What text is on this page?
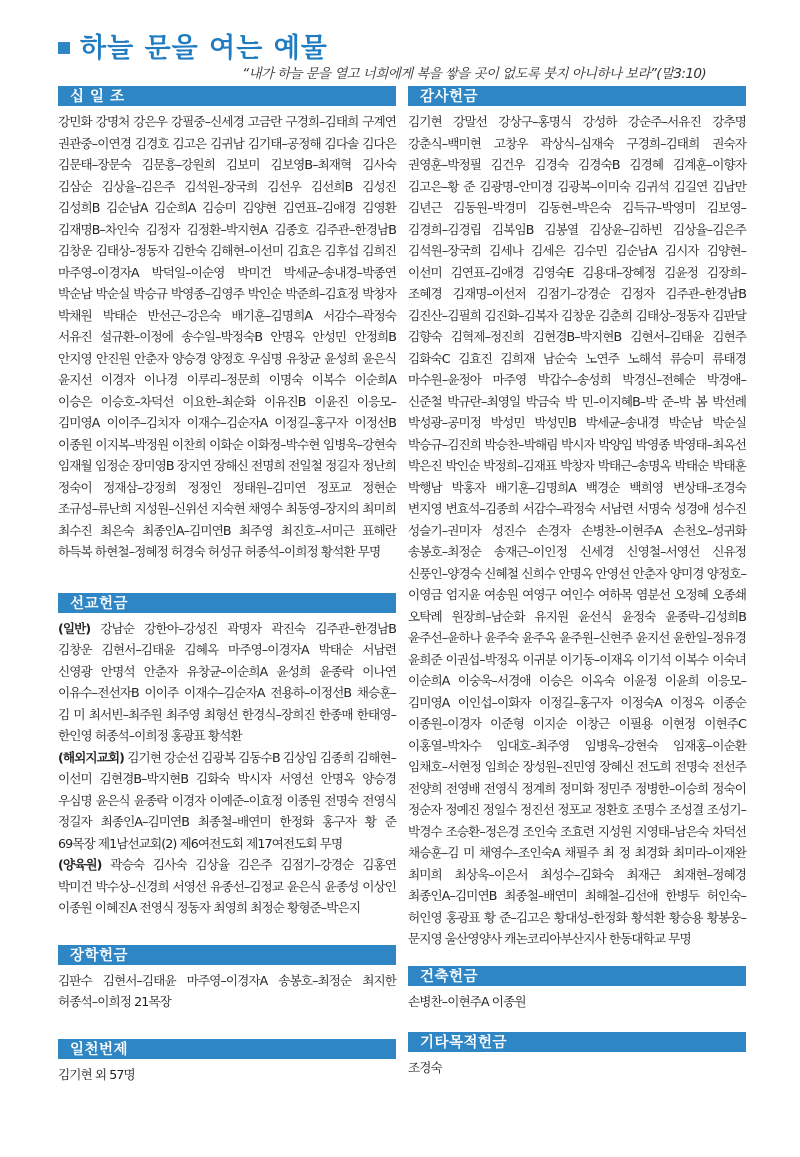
하늘 문을 여는 예물
“내가 하늘 문을 열고 너희에게 복을 쌓을 곳이 없도록 붓지 아니하나 보라”(말3:10)
십 일 조
강민화 강명처 강은우 강필중–신세경 고금란 구경희–김태희 구계연 권관중–이연경 김경호 김고은 김귀남 김기태–공정해 김다솔 김다은 김문태–장문숙 김문흥–강원희 김보미 김보영B–최재혁 김사숙 김삼순 김상율–김은주 김석원–장국희 김선우 김선희B 김성진 김성희B 김순남A 김순희A 김승미 김양현 김연표–김애경 김영환 김재명B–차인숙 김정자 김정환–박지현A 김종호 김주관–한경남B 김창운 김태상–정동자 김한숙 김해현–이선미 김효은 김후섭 김희진 마주영–이경자A 박덕일–이순영 박미건 박세균–송내경–박종연 박순남 박순실 박승규 박영종–김영주 박인순 박준희–김효정 박창자 박채원 박태순 반선근–강은숙 배기훈–김명희A 서감수–곽정숙 서유진 설규환–이정에 송수일–박정숙B 안명옥 안성민 안정희B 안지영 안진원 안춘자 양승경 양정호 우심명 유창균 윤성희 윤은식 윤지선 이경자 이나경 이루리–정문희 이명숙 이복수 이순희A 이승은 이승호–차덕선 이요한–최순화 이유진B 이윤진 이응모–김미영A 이이주–김치자 이재수–김순자A 이정길–홍구자 이정선B 이종원 이지복–박정원 이찬희 이화순 이화정–박수현 임병욱–강현숙 임재월 임정순 장미영B 장지연 장해신 전명희 전일철 정길자 정난희 정숙이 정재삼–강정희 정정인 정태원–김미연 정포교 정현순 조규성–류난희 지성원–신위선 지숙현 채영수 최동영–장지의 최미희 최수진 최은숙 최종인A–김미연B 최주영 최진호–서미근 표해란 하득복 하현철–정혜정 허경숙 허성규 허종석–이희정 황석환 무명
선교헌금

(일반) 강남순 강한아–강성진 곽명자 곽진숙 김주관–한경남B 김창운 김현서–김태윤 김혜옥 마주영–이경자A 박태순 서남련 신영광 안명석 안춘자 유창균–이순희A 윤성희 윤종락 이나연 이유수–전선자B 이이주 이재수–김순자A 전용하–이정선B 채승훈–김 미 최서빈–최주원 최주영 최형선 한경식–장희진 한종매 한태영–한인영 허종석–이희정 홍광표 황석환

(해외지교회) 김기현 강순선 김광복 김동수B 김상임 김종희 김해현–이선미 김현경B–박지현B 김화숙 박시자 서영선 안명옥 양승경 우심명 윤은식 윤종락 이경자 이예준–이효정 이종원 전명숙 전영식 정길자 최종인A–김미연B 최종철–배연미 한정화 홍구자 황 준 69목장 제1남선교회(2) 제6여전도회 제17여전도회 무명

(양육원) 곽승숙 김사숙 김상율 김은주 김점기–강경순 김홍연 박미건 박수상–신경희 서영선 유종선–김정교 윤은식 윤종성 이상인 이종원 이혜진A 전영식 정동자 최영희 최정순 황형준–박은지

장학헌금
김판수 김현서–김태윤 마주영–이경자A 송봉호–최정순 최지한 허종석–이희정 21목장
일천번제
김기현 외 57명
감사헌금
김기현 강말선 강상구–홍명식 강성하 강순주–서유진 강추명 강춘식–백미현 고창우 곽상식–심재숙 구경희–김태희 권숙자 권영훈–박정필 김건우 김경숙 김경숙B 김경혜 김계훈–이향자 김고은–황 준 김광명–안미경 김광복–이미숙 김귀석 김길연 김남만 김년근 김동원–박경미 김동현–박은숙 김득규–박영미 김보영–김경희–김경립 김복임B 김봉열 김상윤–김하빈 김상율–김은주 김석원–장국희 김세나 김세은 김수민 김순남A 김시자 김양현–이선미 김연표–김애경 김영숙E 김용대–장혜정 김윤정 김장희–조혜경 김재명–이선저 김점기–강경순 김정자 김주관–한경남B 김진산–김필희 김진화–김복자 김창운 김춘희 김태상–정동자 김판달 김향숙 김혁제–정진희 김현경B–박지현B 김현서–김태윤 김현주 김화숙C 김효진 김희재 남순숙 노연주 노해석 류승미 류태경 마수원–윤정아 마주영 박갑수–송성희 박경신–전혜순 박경애–신준철 박규란–최영일 박금숙 박 민–이지혜B–박 준–박 봄 박선례 박성광–공미정 박성민 박성민B 박세균–송내경 박순남 박순실 박승규–김진희 박승찬–박해림 박시자 박양임 박영종 박영태–최옥선 박은진 박인순 박정희–김재표 박창자 박태근–송명옥 박태순 박태훈 박행남 박홍자 배기훈–김명희A 백경순 백희영 변상태–조경숙 변지영 변효석–김종희 서감수–곽정숙 서남련 서명숙 성경애 성수진 성슬기–권미자 성진수 손경자 손병찬–이현주A 손천오–성귀화 송봉호–최정순 송재근–이인정 신세경 신영철–서영선 신유정 신풍인–양경숙 신혜철 신희수 안명옥 안영선 안춘자 양미경 양정호–이영금 엄지윤 여송원 여영구 여인수 여하목 염분선 오정혜 오종쇄 오탁례 원장희–남순화 유지원 윤선식 윤정숙 윤종락–김성희B 윤주선–윤하나 윤주숙 윤주옥 윤주원–신현주 윤지선 윤한일–정유경 윤희준 이권섭–박정옥 이귀분 이기동–이재옥 이기석 이복수 이숙녀 이순희A 이숭욱–서경애 이승은 이옥숙 이윤정 이윤희 이응모–김미영A 이인섭–이화자 이정길–홍구자 이정숙A 이정옥 이종순 이종원–이경자 이준형 이지순 이창근 이필용 이현정 이현주C 이홍열–박차수 임대호–최주영 임병욱–강현숙 임재홍–이순환 임채호–서현정 임희순 장성원–진민영 장혜신 전도희 전명숙 전선주 전양희 전영배 전영식 정계희 정미화 정민주 정병한–이승희 정숙이 정순자 정예진 정일수 정진선 정포교 정환호 조명수 조성결 조성기–박경수 조승환–정은경 조인숙 조효련 지성원 지영태–남은숙 차덕선 채승훈–김 미 채영수–조인숙A 채필주 최 정 최경화 최미라–이재완 최미희 최상욱–이은서 최성수–김화숙 최재근 최재현–정혜경 최종인A–김미연B 최종철–배연미 최해철–김선애 한병두 허인숙–허인영 홍광표 황 준–김고은 황대성–한정화 황석환 황승용 황봉웅–문지영 울산영양사 캐논코리아부산지사 한동대학교 무명
건축헌금
손병찬–이현주A 이종원
기타목적헌금
조경숙
